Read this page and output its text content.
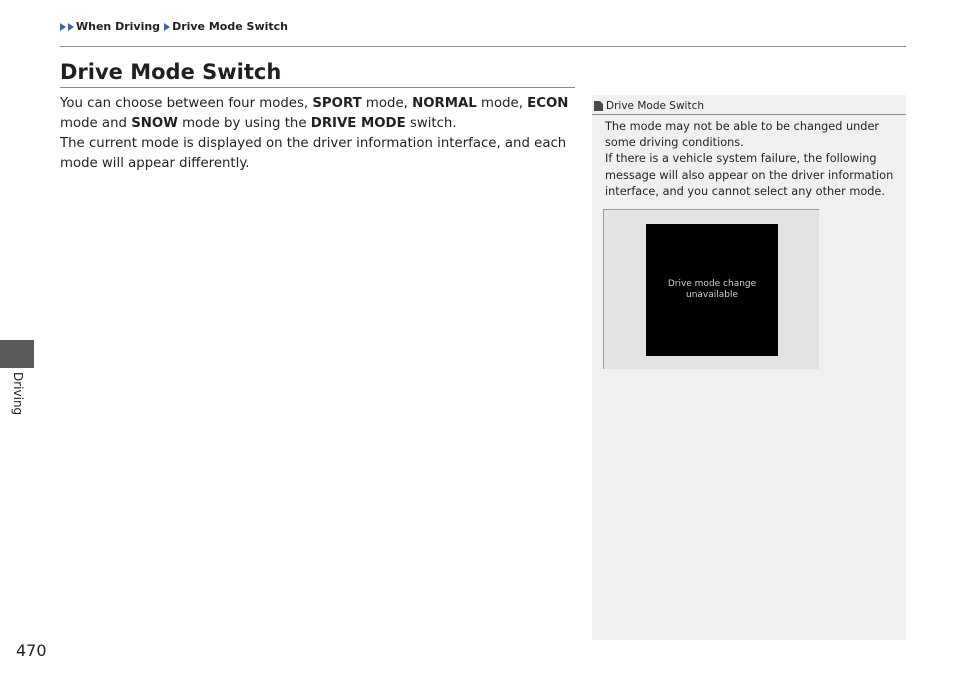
When Driving Drive Mode Switch
Driving
470
Drive Mode Switch

You can choose between four modes, SPORT mode, NORMAL mode, ECON mode and SNOW mode by using the DRIVE MODE switch.

The current mode is displayed on the driver information interface, and each mode will appear differently.

Drive Mode Switch

The mode may not be able to be changed under some driving conditions.

If there is a vehicle system failure, the following message will also appear on the driver information interface, and you cannot select any other mode.

Drive mode change unavailable
